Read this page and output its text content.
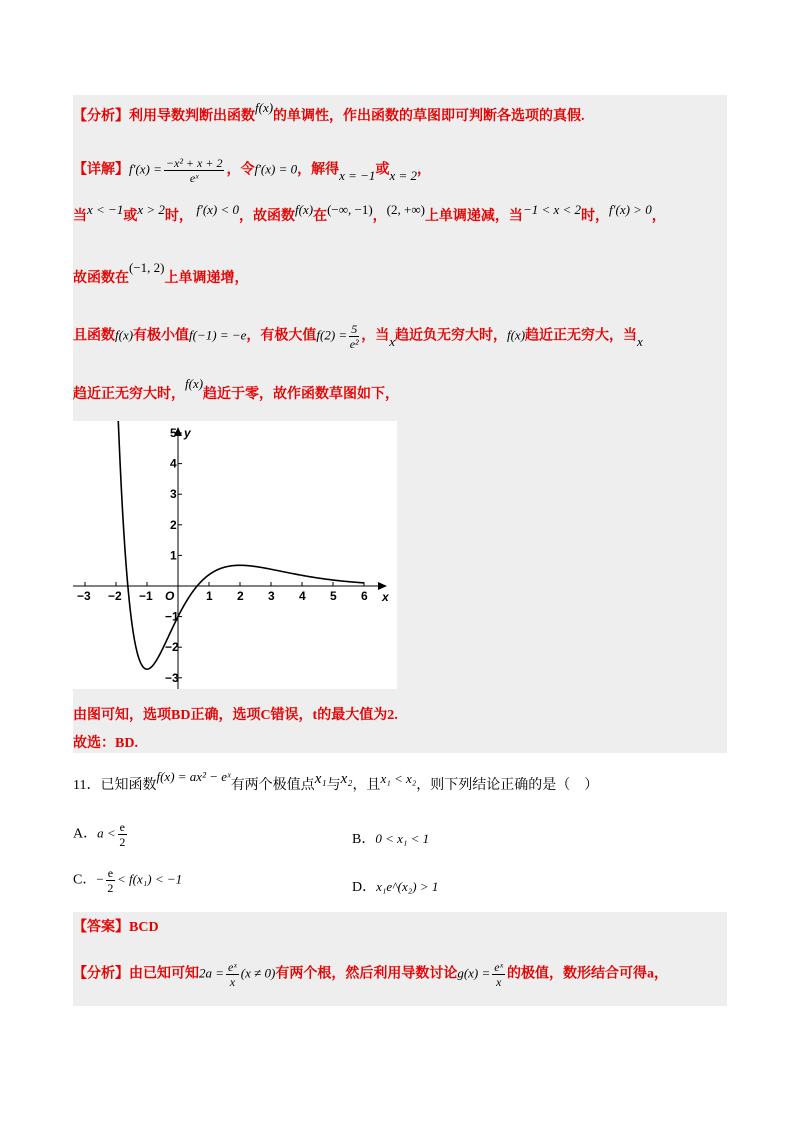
【分析】利用导数判断出函数f(x)的单调性，作出函数的草图即可判断各选项的真假.
【详解】$f'(x) = \frac{\text{−x² + x + 2}}{\text{eˣ}}$ ，令f′(x) = 0，解得x = −1或x = 2，
当x < −1或x > 2时， f′(x) < 0，故函数f(x)在(−∞, −1)，(2, +∞)上单调递减，当−1 < x < 2时，f′(x) > 0，
故函数在(−1, 2)上单调递增，
且函数f(x)有极小值f(−1) = −e，有极大值$f(2) = \frac{5}{\text{e²}}$ ，当x趋近负无穷大时，f(x)趋近正无穷大，当x
趋近正无穷大时，f(x)趋近于零，故作函数草图如下，
−3 −2 −1	1 2 3 4 5 6
5
4
3
2
1
−1
−2
−3
O	x
y
由图可知，选项BD正确，选项C错误，t的最大值为2.
故选：BD.
11．已知函数f(x) = ax² − eˣ有两个极值点x₁与x₂，且x₁ < x₂，则下列结论正确的是（　）
A．$a < \frac{e}{2}$	B．0 < x₁ < 1
C．− $\frac{e}{2} < f(x_1) < -1$
D．x₁e^(x₂) > 1
【答案】BCD
【分析】由已知可知$2a = \frac{\text{eˣ}}{x} (x \ne 0)$有两个根，然后利用导数讨论$g(x) = \frac{\text{eˣ}}{x}$ 的极值，数形结合可得a，
